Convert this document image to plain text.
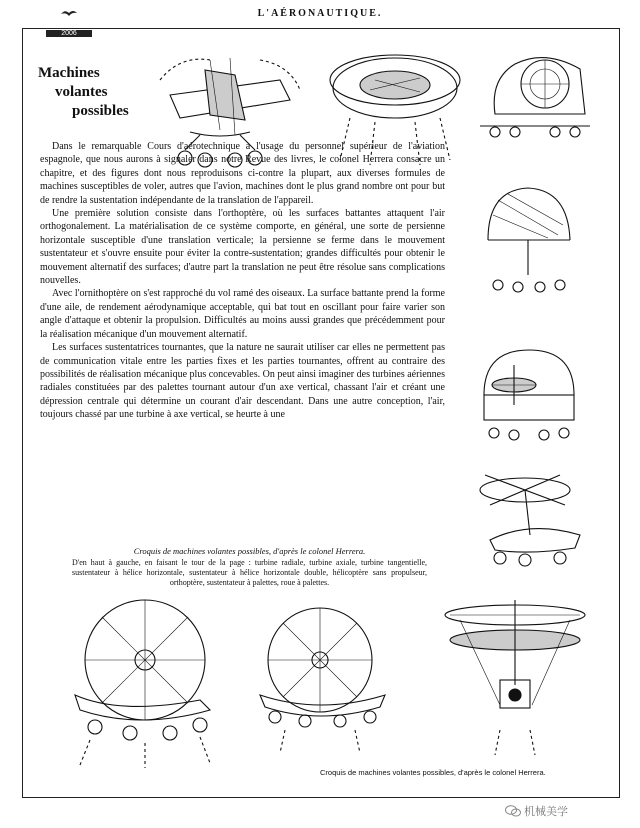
2006
L'AÉRONAUTIQUE.
Machines
volantes
possibles

Dans le remarquable Cours d'aérotechnique à l'usage du personnel supérieur de l'aviation espagnole, que nous aurons à signaler dans notre Revue des livres, le colonel Herrera consacre un chapitre, et des figures dont nous reproduisons ci-contre la plupart, aux diverses formules de machines susceptibles de voler, autres que l'avion, machines dont le plus grand nombre ont pour but de rendre la sustentation indépendante de la translation de l'appareil.

Une première solution consiste dans l'orthoptère, où les surfaces battantes attaquent l'air orthogonalement. La matérialisation de ce système comporte, en général, une sorte de persienne horizontale susceptible d'une translation verticale; la persienne se ferme dans le mouvement sustentateur et s'ouvre ensuite pour éviter la contre-sustentation; grandes difficultés pour obtenir le mouvement alternatif des surfaces; d'autre part la translation ne peut être résolue sans complications nouvelles.

Avec l'ornithoptère on s'est rapproché du vol ramé des oiseaux. La surface battante prend la forme d'une aile, de rendement aérodynamique acceptable, qui bat tout en oscillant pour faire varier son angle d'attaque et obtenir la propulsion. Difficultés au moins aussi grandes que précédemment pour la réalisation mécanique d'un mouvement alternatif.

Les surfaces sustentatrices tournantes, que la nature ne saurait utiliser car elles ne permettent pas de communication vitale entre les parties fixes et les parties tournantes, offrent au contraire des possibilités de réalisation mécanique plus concevables. On peut ainsi imaginer des turbines aériennes radiales constituées par des palettes tournant autour d'un axe vertical, chassant l'air et créant une dépression centrale qui détermine un courant d'air descendant. Dans une autre conception, l'air, toujours chassé par une turbine à axe vertical, se heurte à une

Croquis de machines volantes possibles, d'après le colonel Herrera.
D'en haut à gauche, en faisant le tour de la page : turbine radiale, turbine axiale, turbine tangentielle, sustentateur à hélice horizontale, sustentateur à hélice horizontale double, hélicoptère sans propulseur, orthoptère, sustentateur à palettes, roue à palettes.
Croquis de machines volantes possibles, d'après le colonel Herrera.
机械美学
